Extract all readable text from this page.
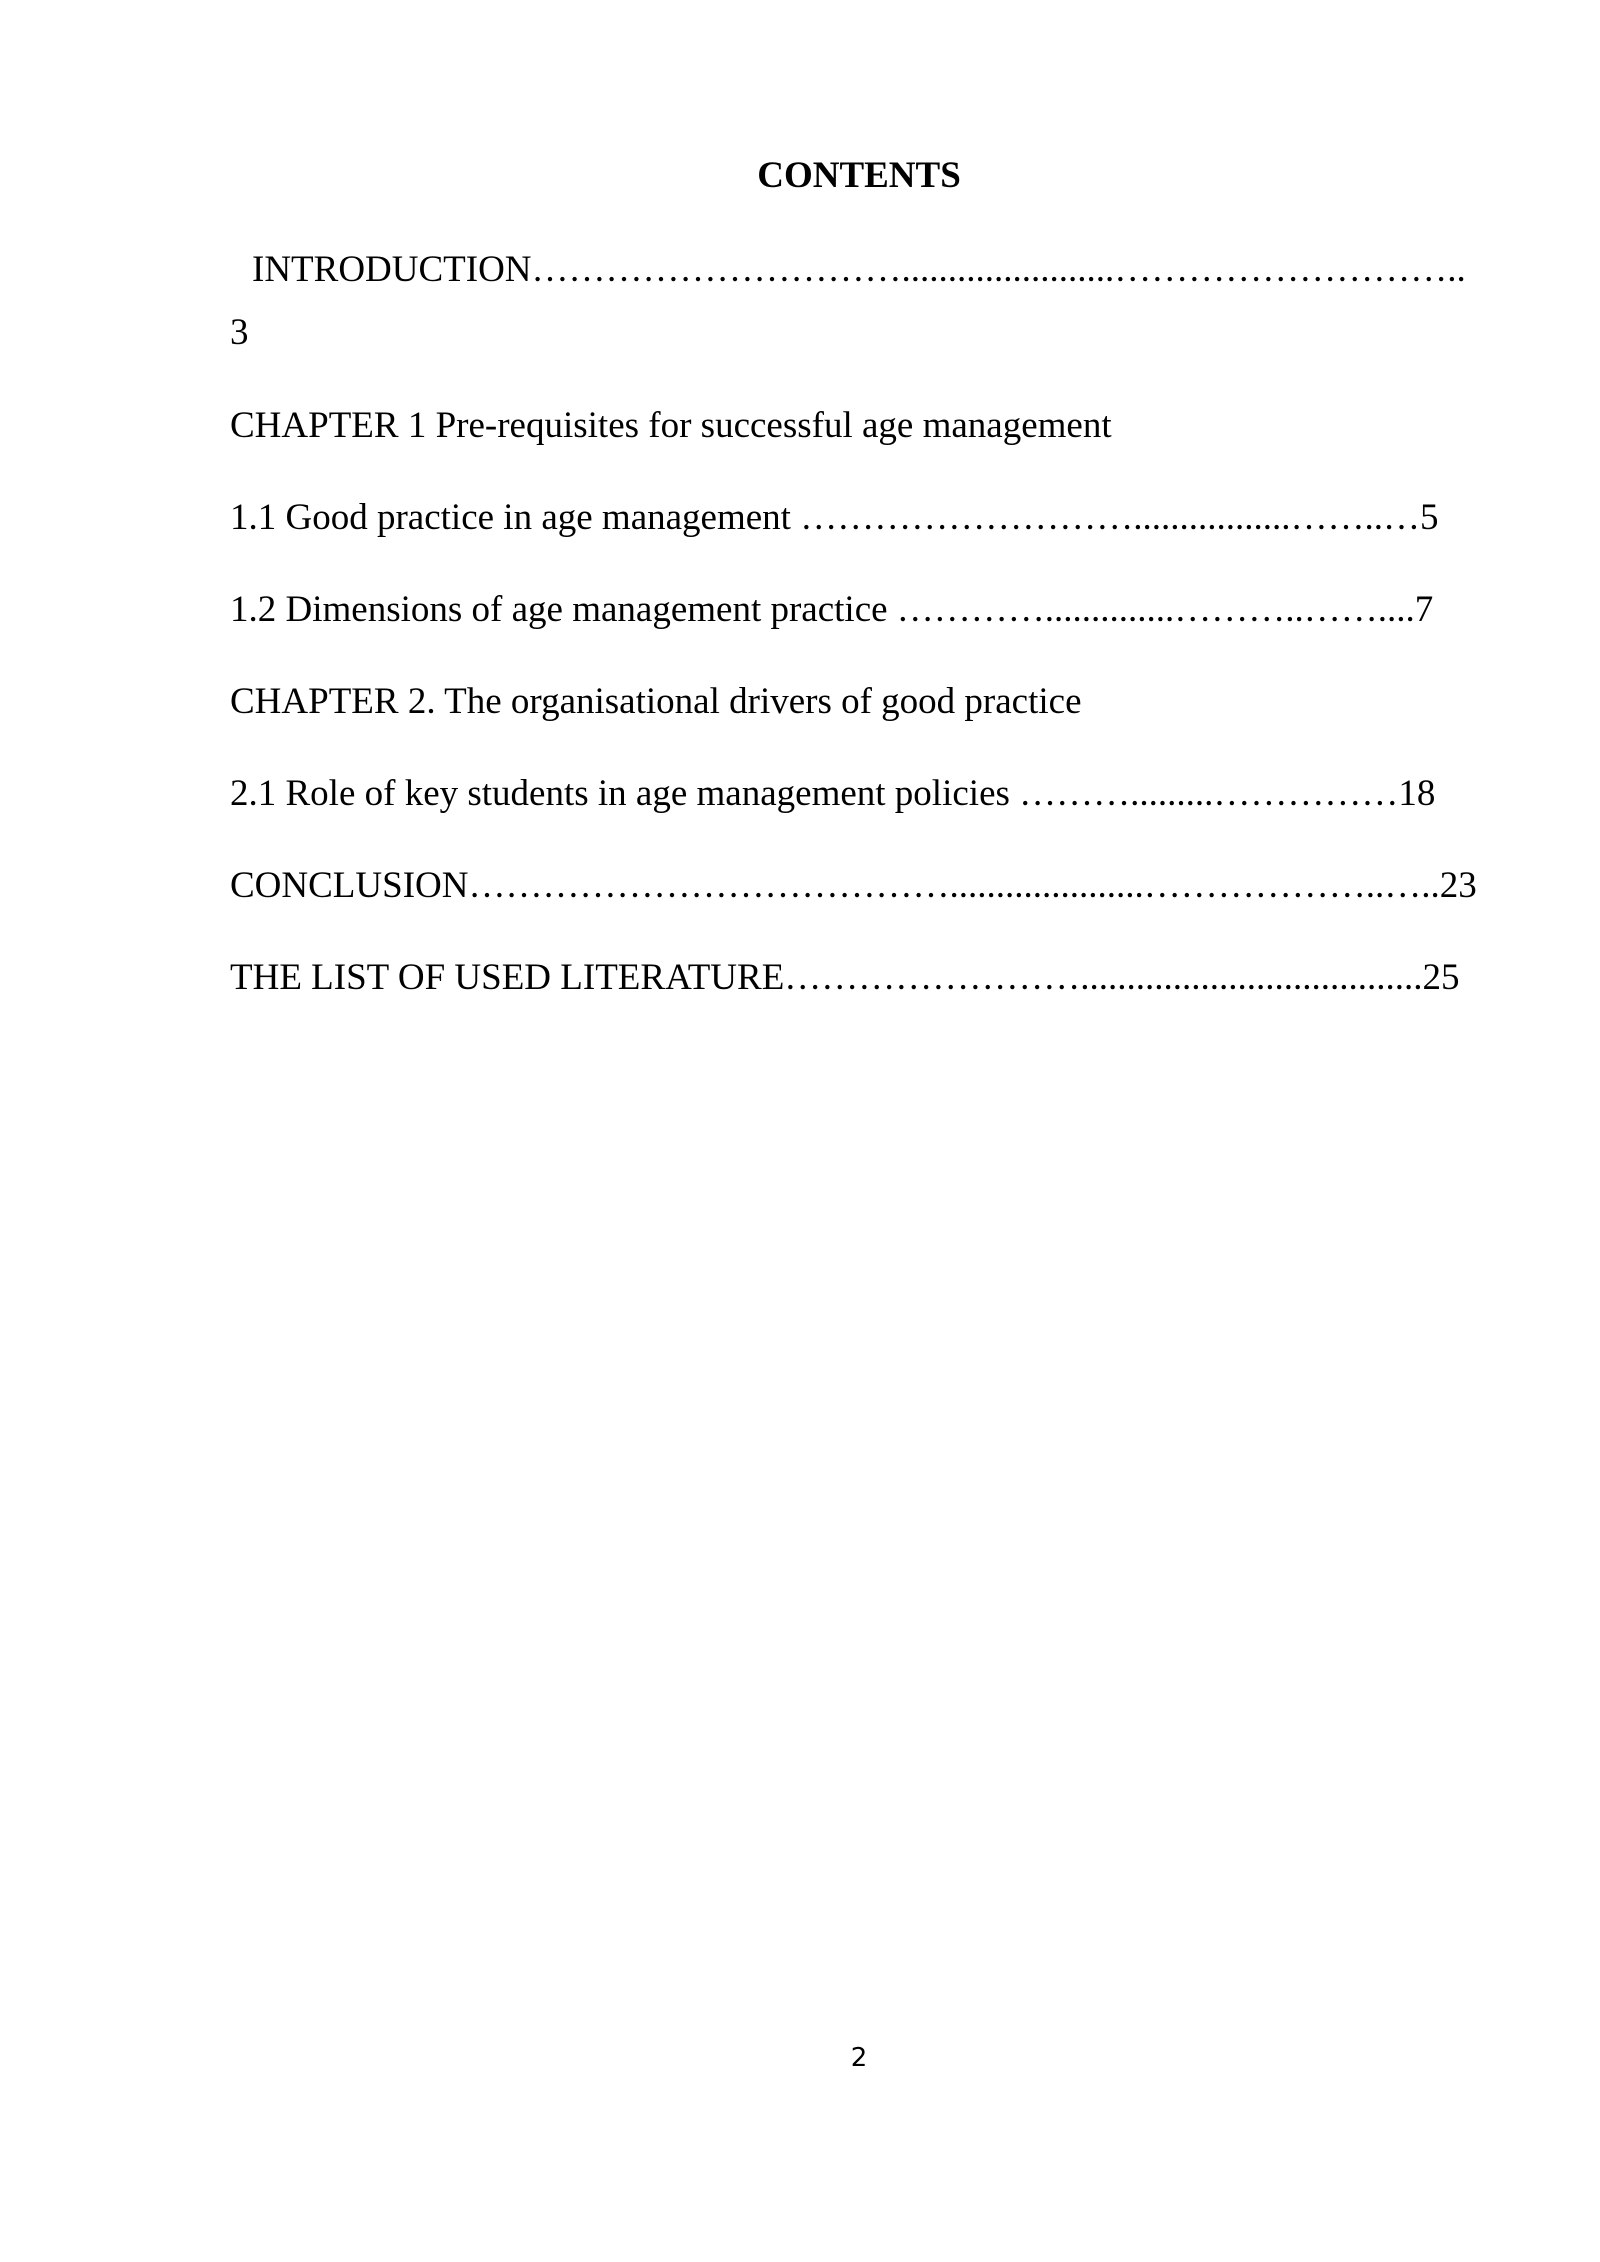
CONTENTS

INTRODUCTION………………………….......................………………………..

3

CHAPTER 1 Pre-requisites for successful age management

1.1 Good practice in age management ……………………….................……..…5

1.2 Dimensions of age management practice …………..............………..……....7

CHAPTER 2. The organisational drivers of good practice

2.1 Role of key students in age management policies ……….........……………18

CONCLUSION………………………………….....................………………..…..23

THE LIST OF USED LITERATURE…………………….....................................25

2
